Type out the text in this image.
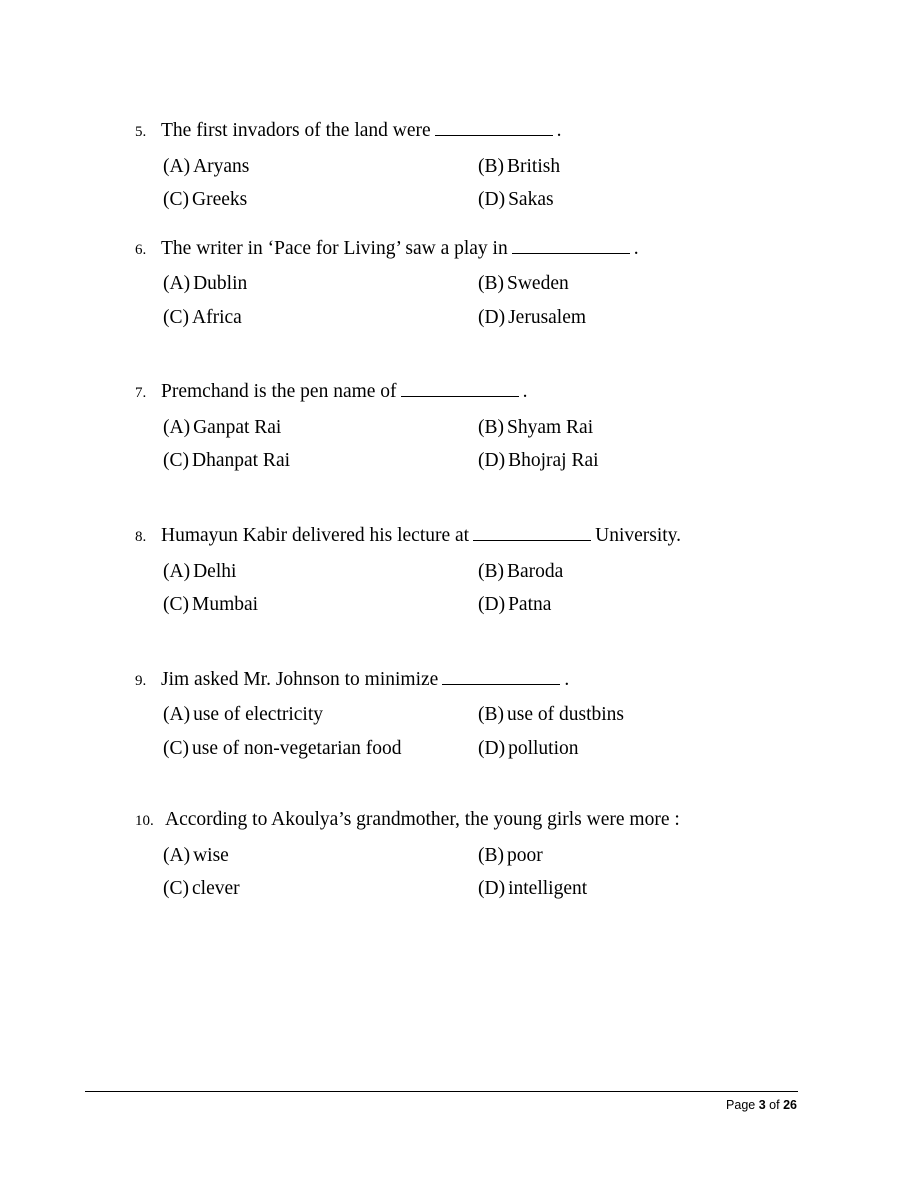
5. The first invadors of the land were	.
(A) Aryans	(B) British
(C) Greeks	(D) Sakas
6. The writer in ‘Pace for Living’ saw a play in	.
(A) Dublin	(B) Sweden
(C) Africa	(D) Jerusalem
7. Premchand is the pen name of	.
(A) Ganpat Rai	(B) Shyam Rai
(C) Dhanpat Rai	(D) Bhojraj Rai
8. Humayun Kabir delivered his lecture at	University.
(A) Delhi	(B) Baroda
(C) Mumbai	(D) Patna
9. Jim asked Mr. Johnson to minimize	.
(A) use of electricity	(B) use of dustbins
(C) use of non-vegetarian food	(D) pollution
10. According to Akoulya’s grandmother, the young girls were more :
(A) wise	(B) poor
(C) clever	(D) intelligent
Page 3 of 26
